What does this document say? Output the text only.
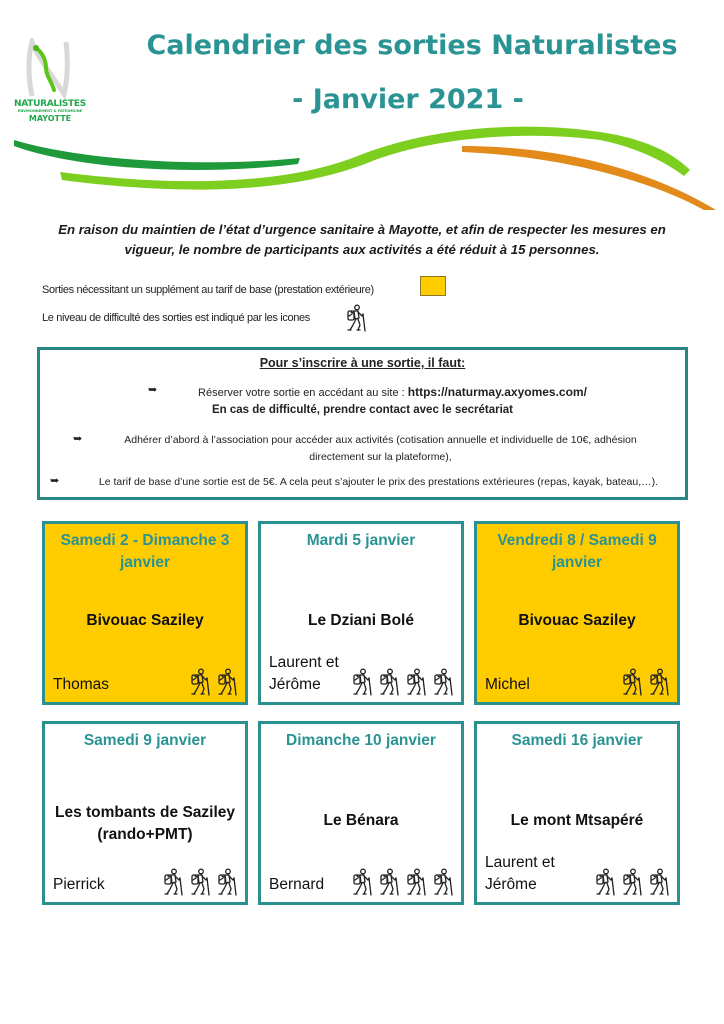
NATURALISTES
ENVIRONNEMENT & PATRIMOINE
MAYOTTE
Calendrier des sorties Naturalistes
- Janvier 2021 -
En raison du maintien de l’état d’urgence sanitaire à Mayotte, et afin de respecter les mesures en vigueur, le nombre de participants aux activités a été réduit à 15 personnes.
Sorties nécessitant un supplément au tarif de base (prestation extérieure)
Le niveau de difficulté des sorties est indiqué par les icones
Pour s’inscrire à une sortie, il faut:
➥	Réserver votre sortie en accédant au site : https://naturmay.axyomes.com/
En cas de difficulté, prendre contact avec le secrétariat
➥	Adhérer d’abord à l’association pour accéder aux activités (cotisation annuelle et individuelle de 10€, adhésion
directement sur la plateforme),
➥	Le tarif de base d’une sortie est de 5€. A cela peut s’ajouter le prix des prestations extérieures (repas, kayak, bateau,…).
Samedi 2 - Dimanche 3 janvier
Bivouac Saziley
Thomas
Mardi 5 janvier
Le Dziani Bolé
Laurent et Jérôme
Vendredi 8 / Samedi 9 janvier
Bivouac Saziley
Michel
Samedi 9 janvier
Les tombants de Saziley (rando+PMT)
Pierrick
Dimanche 10 janvier
Le Bénara
Bernard
Samedi 16 janvier
Le mont Mtsapéré
Laurent et Jérôme
